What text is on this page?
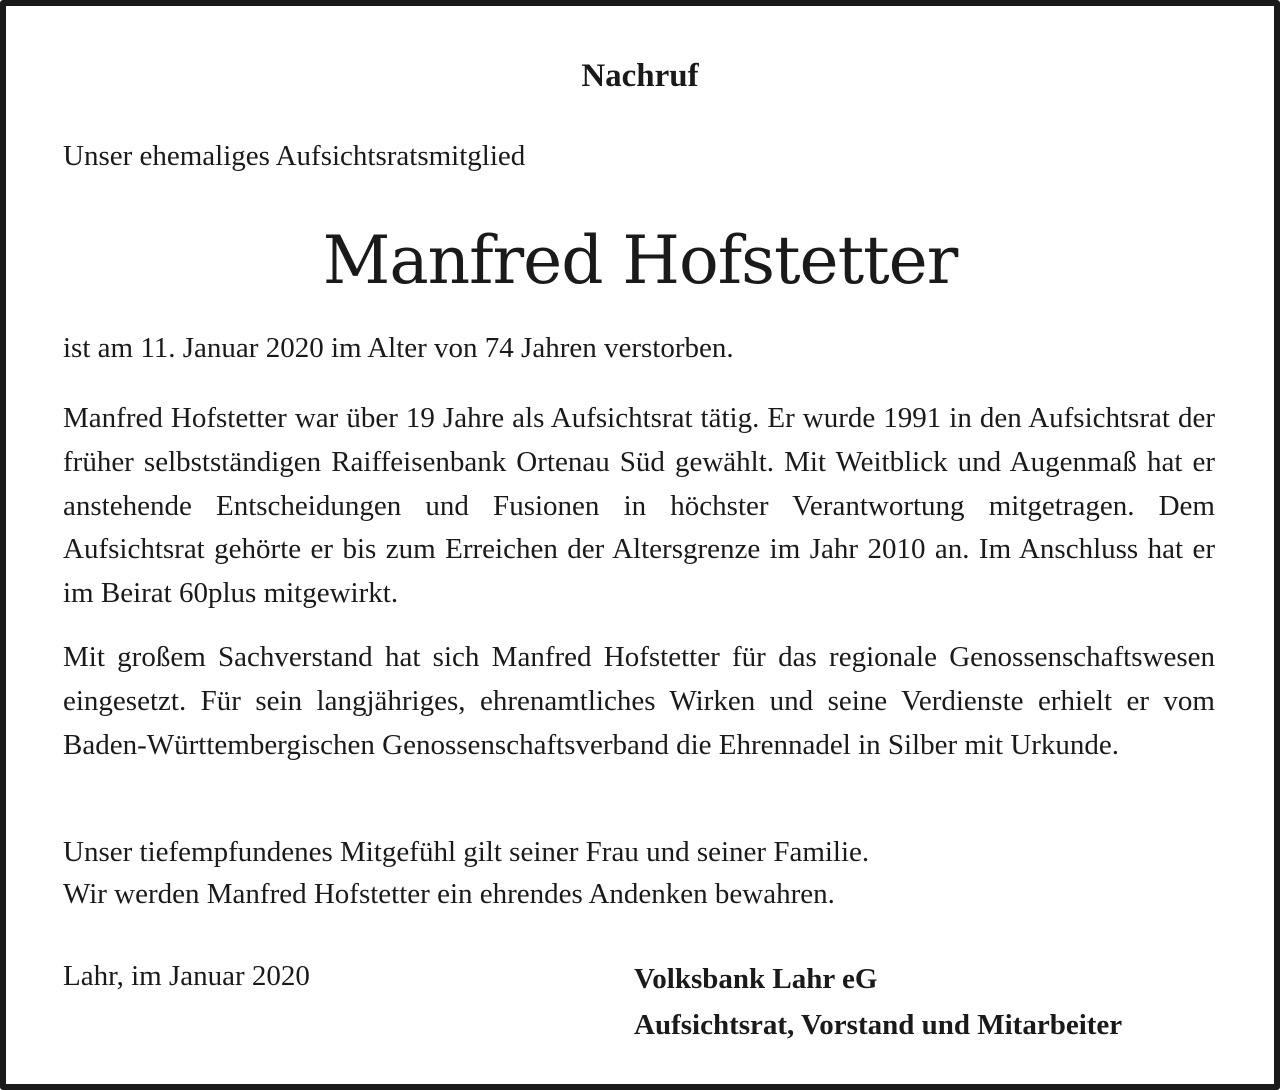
Nachruf
Unser ehemaliges Aufsichtsratsmitglied
Manfred Hofstetter
ist am 11. Januar 2020 im Alter von 74 Jahren verstorben.
Manfred Hofstetter war über 19 Jahre als Aufsichtsrat tätig. Er wurde 1991 in den Aufsichtsrat der früher selbstständigen Raiffeisenbank Ortenau Süd gewählt. Mit Weitblick und Augenmaß hat er anstehende Entscheidungen und Fusionen in höchster Verantwortung mitgetragen. Dem Aufsichtsrat gehörte er bis zum Erreichen der Altersgrenze im Jahr 2010 an. Im Anschluss hat er im Beirat 60plus mitgewirkt.
Mit großem Sachverstand hat sich Manfred Hofstetter für das regionale Genossenschaftswesen eingesetzt. Für sein langjähriges, ehrenamtliches Wirken und seine Verdienste erhielt er vom Baden-Württembergischen Genossenschaftsverband die Ehrennadel in Silber mit Urkunde.
Unser tiefempfundenes Mitgefühl gilt seiner Frau und seiner Familie.
Wir werden Manfred Hofstetter ein ehrendes Andenken bewahren.
Lahr, im Januar 2020	Volksbank Lahr eG
Aufsichtsrat, Vorstand und Mitarbeiter
